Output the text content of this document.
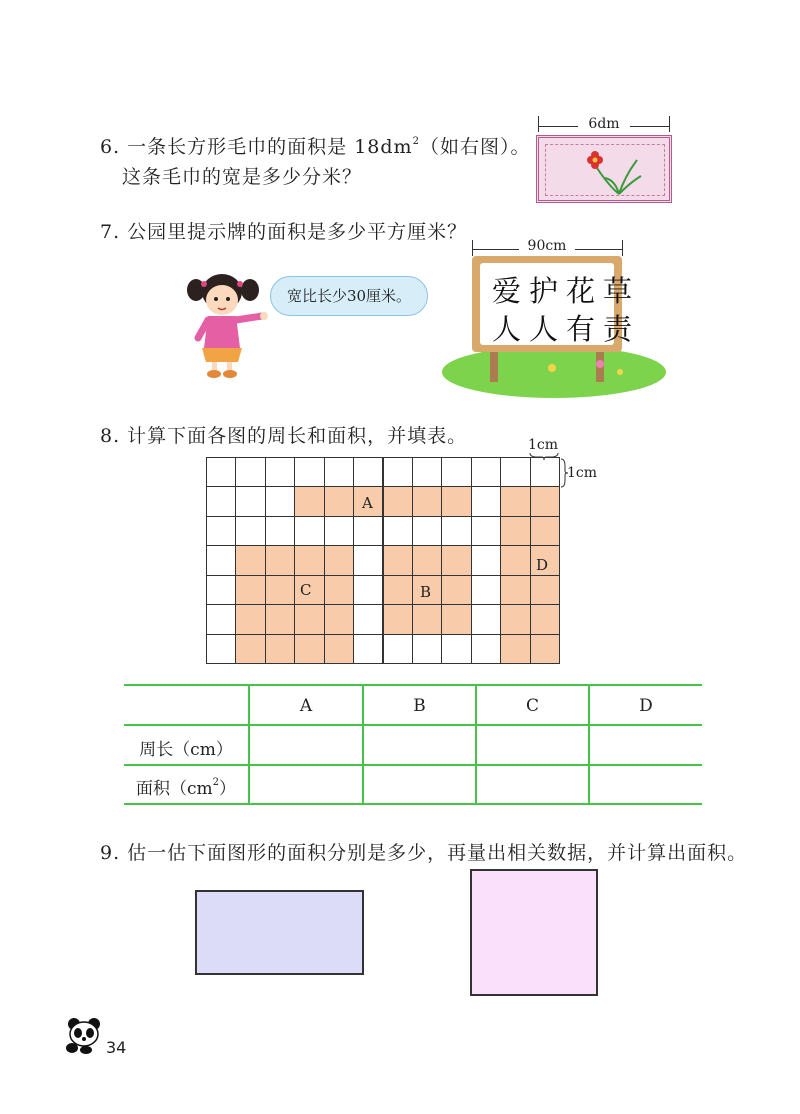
6. 一条长方形毛巾的面积是 $18dm^2$（如右图）。
这条毛巾的宽是多少分米？
6dm
7. 公园里提示牌的面积是多少平方厘米？
宽比长少30厘米。
90cm
爱护花草
人人有责
8. 计算下面各图的周长和面积，并填表。	1cm
1cm
A
B
C
D
A	B	C	D
周长（cm）
面积$(cm^2)$
9. 估一估下面图形的面积分别是多少，再量出相关数据，并计算出面积。
34
